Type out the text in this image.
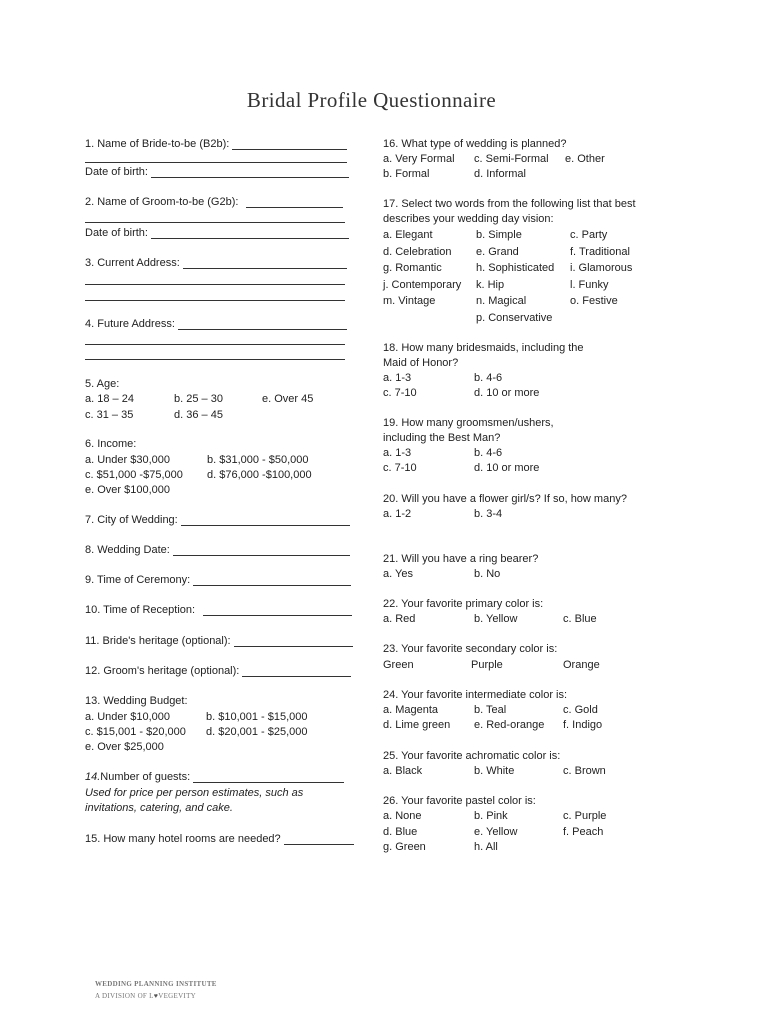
Bridal Profile Questionnaire
1. Name of Bride-to-be (B2b):
Date of birth:
2. Name of Groom-to-be (G2b):
Date of birth:
3. Current Address:
4. Future Address:
5. Age:
a. 18 – 24	b. 25 – 30	e. Over 45
c. 31 – 35	d. 36 – 45
6. Income:
a. Under $30,000	b. $31,000 - $50,000
c. $51,000 -$75,000 d. $76,000 -$100,000
e. Over $100,000
7. City of Wedding:
8. Wedding Date:
9. Time of Ceremony:
10. Time of Reception:
11. Bride's heritage (optional):
12. Groom's heritage (optional):
13. Wedding Budget:
a. Under $10,000	b. $10,001 - $15,000
c. $15,001 - $20,000 d. $20,001 - $25,000
e. Over $25,000
14. Number of guests:
Used for price per person estimates, such as
invitations, catering, and cake.
15. How many hotel rooms are needed?
16. What type of wedding is planned?
a. Very Formal c. Semi-Formal e. Other
b. Formal	d. Informal
17. Select two words from the following list that best
describes your wedding day vision:
a. Elegant	b. Simple	c. Party
d. Celebration e. Grand	f. Traditional
g. Romantic	h. Sophisticated i. Glamorous
j. Contemporary k. Hip	l. Funky
m. Vintage	n. Magical	o. Festive
p. Conservative
18. How many bridesmaids, including the
Maid of Honor?
a. 1-3	b. 4-6
c. 7-10	d. 10 or more
19. How many groomsmen/ushers,
including the Best Man?
a. 1-3	b. 4-6
c. 7-10	d. 10 or more
20. Will you have a flower girl/s? If so, how many?
a. 1-2	b. 3-4
21. Will you have a ring bearer?
a. Yes	b. No
22. Your favorite primary color is:
a. Red	b. Yellow	c. Blue
23. Your favorite secondary color is:
Green	Purple	Orange
24. Your favorite intermediate color is:
a. Magenta	b. Teal	c. Gold
d. Lime green e. Red-orange f. Indigo
25. Your favorite achromatic color is:
a. Black	b. White	c. Brown
26. Your favorite pastel color is:
a. None	b. Pink	c. Purple
d. Blue	e. Yellow	f. Peach
g. Green	h. All
WEDDING PLANNING INSTITUTE
A DIVISION OF L♥VEGEVITY
